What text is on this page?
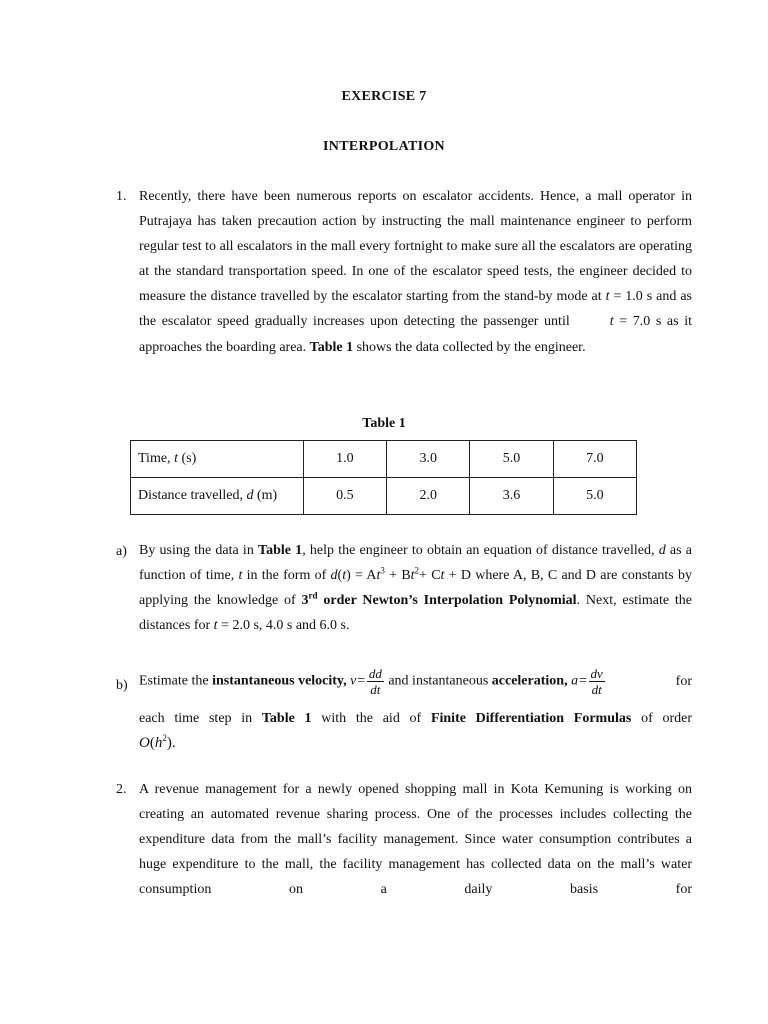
EXERCISE 7
INTERPOLATION
1. Recently, there have been numerous reports on escalator accidents. Hence, a mall operator in Putrajaya has taken precaution action by instructing the mall maintenance engineer to perform regular test to all escalators in the mall every fortnight to make sure all the escalators are operating at the standard transportation speed. In one of the escalator speed tests, the engineer decided to measure the distance travelled by the escalator starting from the stand-by mode at t = 1.0 s and as the escalator speed gradually increases upon detecting the passenger until	t = 7.0 s as it approaches the boarding area. Table 1 shows the data collected by the engineer.
Table 1
Time, t (s)	1.0	3.0	5.0	7.0
Distance travelled, d (m)	0.5	2.0	3.6	5.0
a) By using the data in Table 1, help the engineer to obtain an equation of distance travelled, d as a function of time, t in the form of $d(t) = At^3 + Bt^2+ Ct + D$ where A, B, C and D are constants by applying the knowledge of 3rd order Newton’s Interpolation Polynomial. Next, estimate the distances for t = 2.0 s, 4.0 s and 6.0 s.
b) Estimate the instantaneous velocity, $v= \frac{dd}{dt}$ and instantaneous acceleration, $a= \frac{dv}{dt}$	for
each time step in Table 1 with the aid of Finite Differentiation Formulas of order
$O(h^2)$.
2. A revenue management for a newly opened shopping mall in Kota Kemuning is working on creating an automated revenue sharing process. One of the processes includes collecting the expenditure data from the mall’s facility management. Since water consumption contributes a huge expenditure to the mall, the facility management has collected data on the mall’s water consumption on a daily basis for
